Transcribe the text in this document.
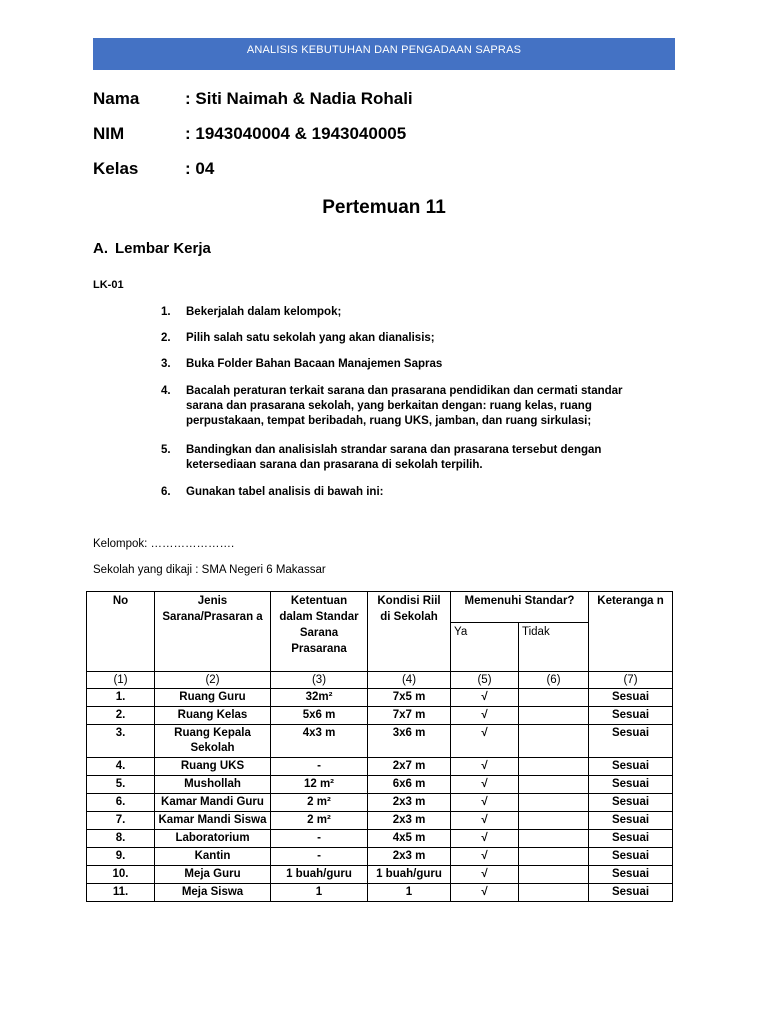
ANALISIS KEBUTUHAN DAN PENGADAAN SAPRAS
Nama	: Siti Naimah & Nadia Rohali
NIM	: 1943040004 & 1943040005
Kelas	: 04
Pertemuan 11
A. Lembar Kerja
LK-01
1.	Bekerjalah dalam kelompok;
2.	Pilih salah satu sekolah yang akan dianalisis;
3.	Buka Folder Bahan Bacaan Manajemen Sapras
4.	Bacalah peraturan terkait sarana dan prasarana pendidikan dan cermati standar sarana dan prasarana sekolah, yang berkaitan dengan: ruang kelas, ruang perpustakaan, tempat beribadah, ruang UKS, jamban, dan ruang sirkulasi;
5.	Bandingkan dan analisislah strandar sarana dan prasarana tersebut dengan ketersediaan sarana dan prasarana di sekolah terpilih.
6.	Gunakan tabel analisis di bawah ini:
Kelompok: ………………….
Sekolah yang dikaji : SMA Negeri 6 Makassar
No	Jenis Sarana/Prasaran a	Ketentuan dalam Standar Sarana Prasarana	Kondisi Riil di Sekolah	Memenuhi Standar?		Keteranga n
				Ya	Tidak	
(1)	(2)	(3)	(4)	(5)	(6)	(7)
1.	Ruang Guru	32m²	7x5 m	√		Sesuai
2.	Ruang Kelas	5x6 m	7x7 m	√		Sesuai
3.	Ruang Kepala Sekolah	4x3 m	3x6 m	√		Sesuai
4.	Ruang UKS	-	2x7 m	√		Sesuai
5.	Mushollah	12 m²	6x6 m	√		Sesuai
6.	Kamar Mandi Guru	2 m²	2x3 m	√		Sesuai
7.	Kamar Mandi Siswa	2 m²	2x3 m	√		Sesuai
8.	Laboratorium	-	4x5 m	√		Sesuai
9.	Kantin	-	2x3 m	√		Sesuai
10.	Meja Guru	1 buah/guru	1 buah/guru	√		Sesuai
11.	Meja Siswa	1	1	√		Sesuai
